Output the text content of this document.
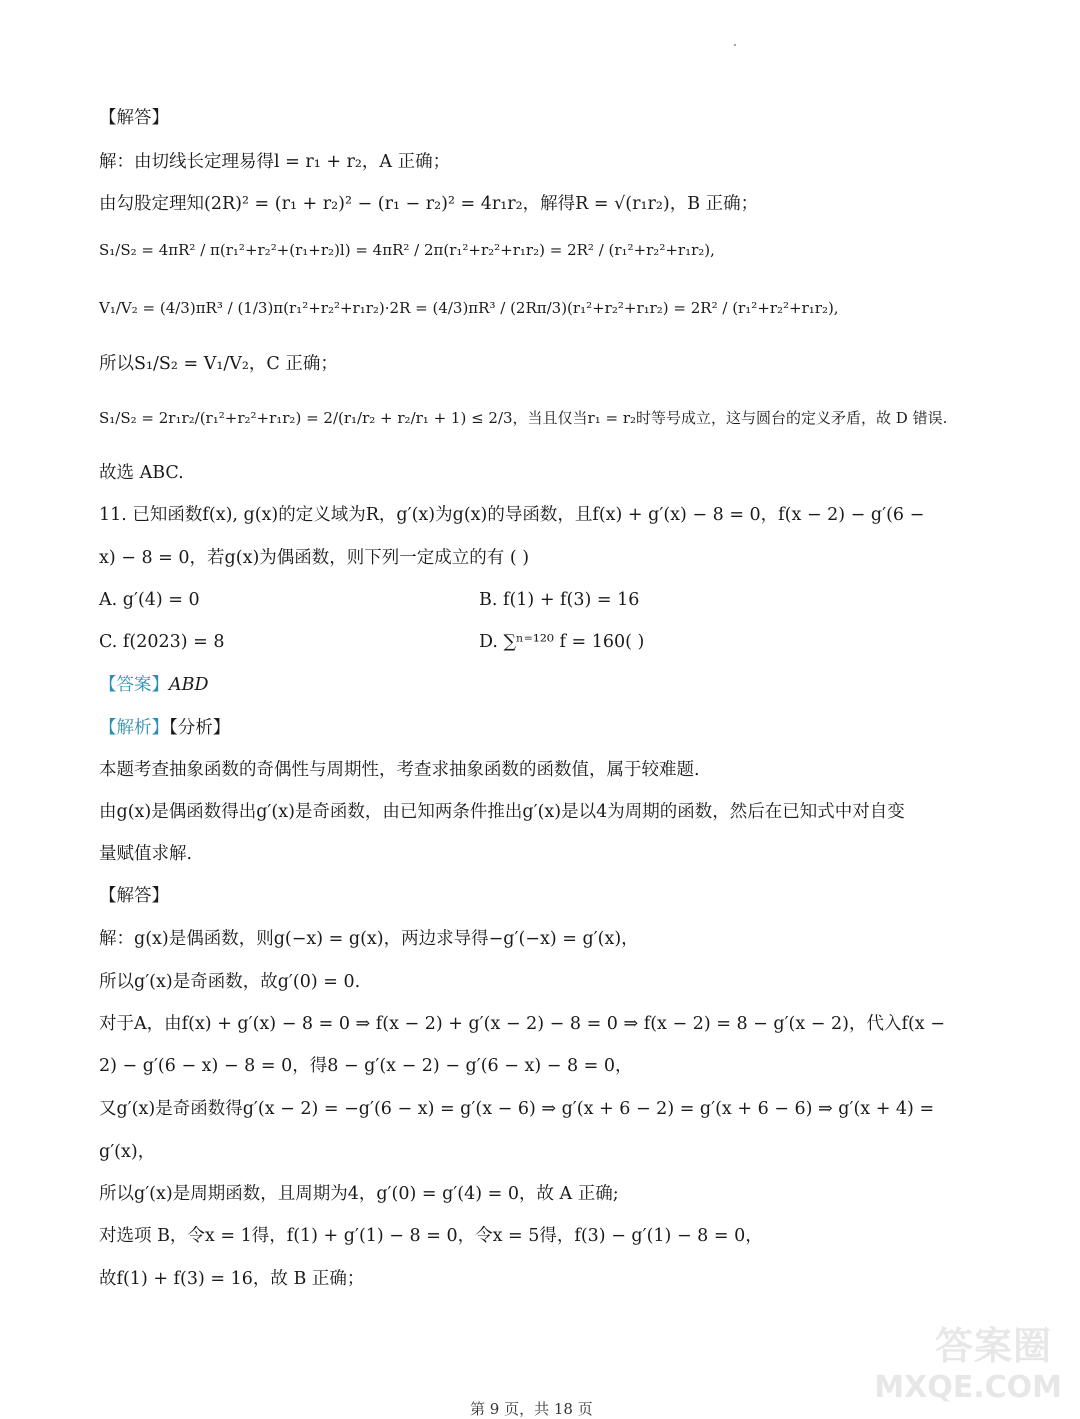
【解答】
解：由切线长定理易得l = r₁ + r₂，A 正确；
由勾股定理知(2R)² = (r₁ + r₂)² − (r₁ − r₂)² = 4r₁r₂，解得R = √(r₁r₂)，B 正确；
S₁/S₂ = 4πR² / π(r₁²+r₂²+(r₁+r₂)l) = 4πR² / 2π(r₁²+r₂²+r₁r₂) = 2R² / (r₁²+r₂²+r₁r₂),
V₁/V₂ = (4/3)πR³ / (1/3)π(r₁²+r₂²+r₁r₂)·2R = (4/3)πR³ / (2Rπ/3)(r₁²+r₂²+r₁r₂) = 2R² / (r₁²+r₂²+r₁r₂),
所以S₁/S₂ = V₁/V₂，C 正确；
S₁/S₂ = 2r₁r₂/(r₁²+r₂²+r₁r₂) = 2/(r₁/r₂ + r₂/r₁ + 1) ≤ 2/3，当且仅当r₁ = r₂时等号成立，这与圆台的定义矛盾，故 D 错误.
故选 ABC.
11. 已知函数f(x), g(x)的定义域为R，g′(x)为g(x)的导函数，且f(x) + g′(x) − 8 = 0，f(x − 2) − g′(6 −
x) − 8 = 0，若g(x)为偶函数，则下列一定成立的有 ( )
A. g′(4) = 0	B. f(1) + f(3) = 16
C. f(2023) = 8	D. ∑ⁿ⁼¹²⁰ f = 160( )
【答案】ABD
【解析】【分析】
本题考查抽象函数的奇偶性与周期性，考查求抽象函数的函数值，属于较难题.
由g(x)是偶函数得出g′(x)是奇函数，由已知两条件推出g′(x)是以4为周期的函数，然后在已知式中对自变
量赋值求解.
【解答】
解：g(x)是偶函数，则g(−x) = g(x)，两边求导得−g′(−x) = g′(x)，
所以g′(x)是奇函数，故g′(0) = 0.
对于A，由f(x) + g′(x) − 8 = 0 ⇒ f(x − 2) + g′(x − 2) − 8 = 0 ⇒ f(x − 2) = 8 − g′(x − 2)，代入f(x −
2) − g′(6 − x) − 8 = 0，得8 − g′(x − 2) − g′(6 − x) − 8 = 0，
又g′(x)是奇函数得g′(x − 2) = −g′(6 − x) = g′(x − 6) ⇒ g′(x + 6 − 2) = g′(x + 6 − 6) ⇒ g′(x + 4) =
g′(x)，
所以g′(x)是周期函数，且周期为4，g′(0) = g′(4) = 0，故 A 正确;
对选项 B，令x = 1得，f(1) + g′(1) − 8 = 0，令x = 5得，f(3) − g′(1) − 8 = 0，
故f(1) + f(3) = 16，故 B 正确；
答案圈
MXQE.COM
第 9 页，共 18 页
